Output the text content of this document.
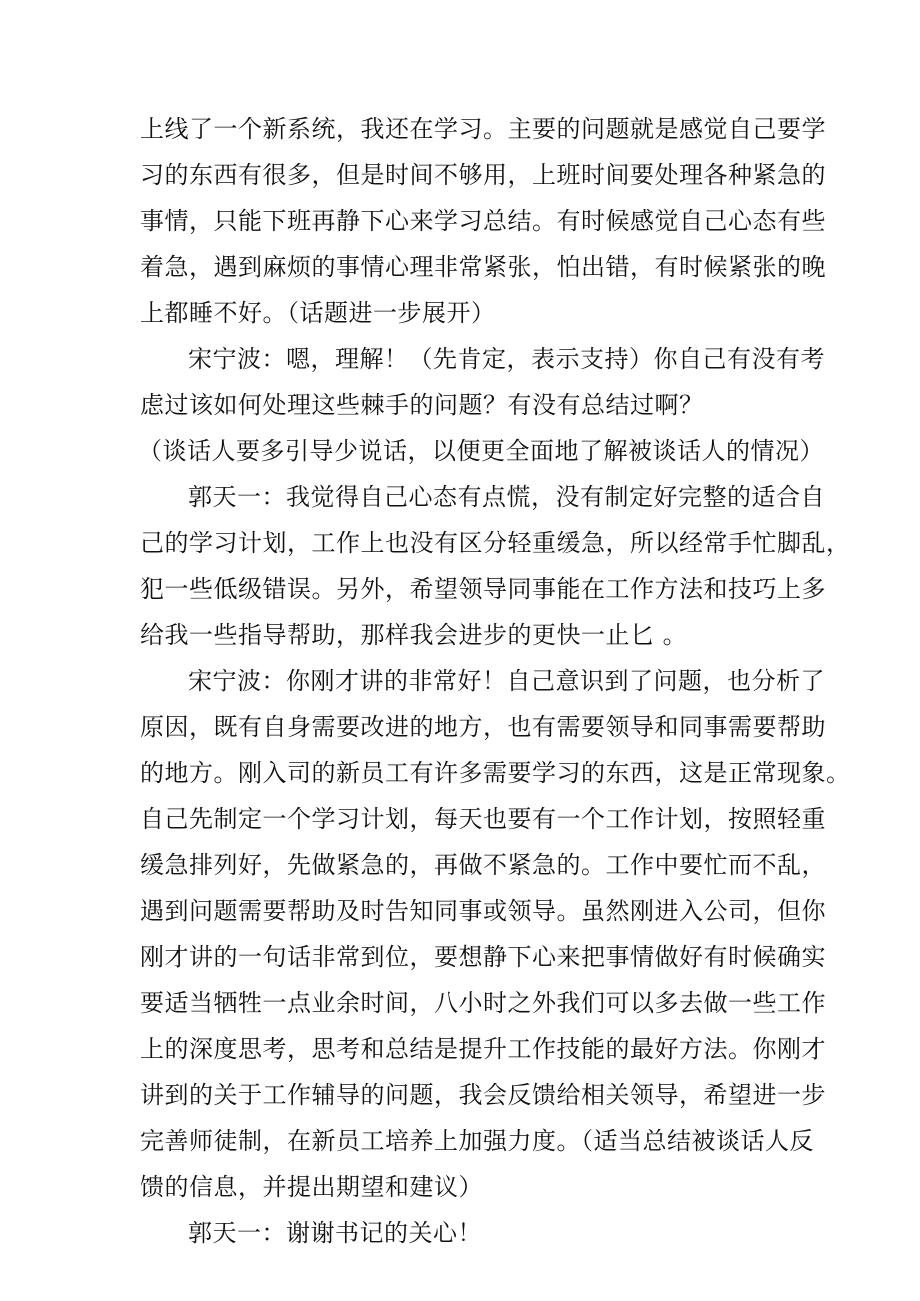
上线了一个新系统，我还在学习。主要的问题就是感觉自己要学
习的东西有很多，但是时间不够用，上班时间要处理各种紧急的
事情，只能下班再静下心来学习总结。有时候感觉自己心态有些
着急，遇到麻烦的事情心理非常紧张，怕出错，有时候紧张的晚
上都睡不好。（话题进一步展开）
宋宁波：嗯，理解！（先肯定，表示支持）你自己有没有考
虑过该如何处理这些棘手的问题？有没有总结过啊？
（谈话人要多引导少说话，以便更全面地了解被谈话人的情况）
郭天一：我觉得自己心态有点慌，没有制定好完整的适合自
己的学习计划，工作上也没有区分轻重缓急，所以经常手忙脚乱，
犯一些低级错误。另外，希望领导同事能在工作方法和技巧上多
给我一些指导帮助，那样我会进步的更快一止匕 。
宋宁波：你刚才讲的非常好！自己意识到了问题，也分析了
原因，既有自身需要改进的地方，也有需要领导和同事需要帮助
的地方。刚入司的新员工有许多需要学习的东西，这是正常现象。
自己先制定一个学习计划，每天也要有一个工作计划，按照轻重
缓急排列好，先做紧急的，再做不紧急的。工作中要忙而不乱，
遇到问题需要帮助及时告知同事或领导。虽然刚进入公司，但你
刚才讲的一句话非常到位，要想静下心来把事情做好有时候确实
要适当牺牲一点业余时间，八小时之外我们可以多去做一些工作
上的深度思考，思考和总结是提升工作技能的最好方法。你刚才
讲到的关于工作辅导的问题，我会反馈给相关领导，希望进一步
完善师徒制，在新员工培养上加强力度。（适当总结被谈话人反
馈的信息，并提出期望和建议）
郭天一：谢谢书记的关心！
